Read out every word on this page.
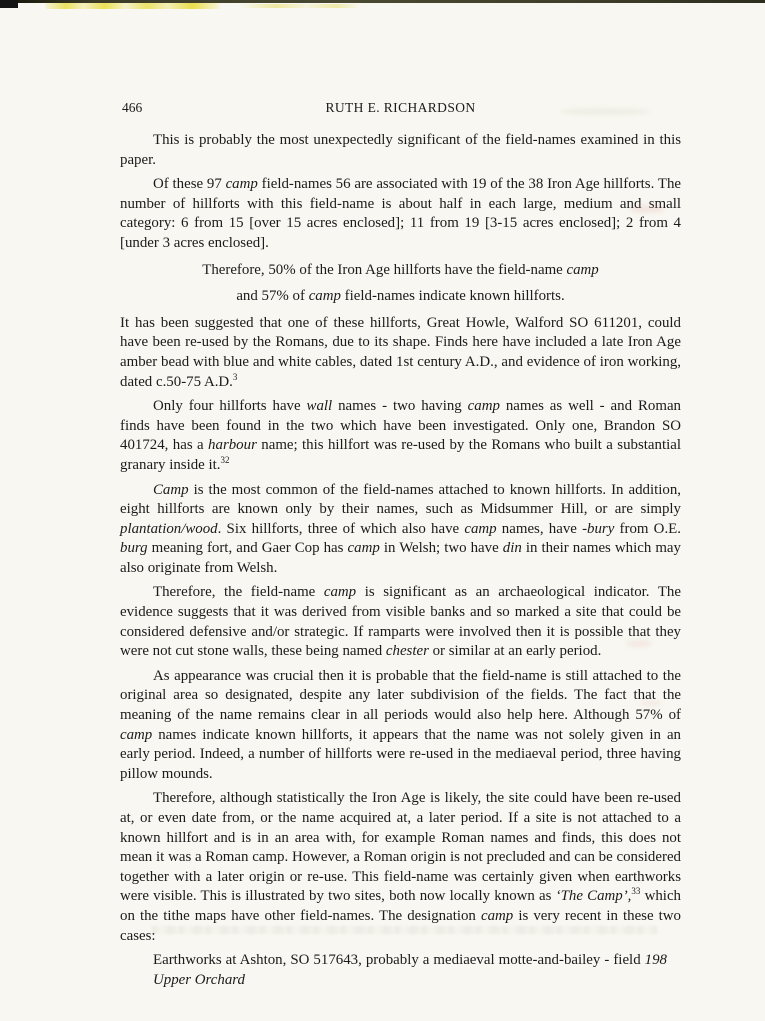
466	RUTH E. RICHARDSON

This is probably the most unexpectedly significant of the field-names examined in this paper.

Of these 97 camp field-names 56 are associated with 19 of the 38 Iron Age hillforts. The number of hillforts with this field-name is about half in each large, medium and small category: 6 from 15 [over 15 acres enclosed]; 11 from 19 [3-15 acres enclosed]; 2 from 4 [under 3 acres enclosed].

Therefore, 50% of the Iron Age hillforts have the field-name camp

and 57% of camp field-names indicate known hillforts.

It has been suggested that one of these hillforts, Great Howle, Walford SO 611201, could have been re-used by the Romans, due to its shape. Finds here have included a late Iron Age amber bead with blue and white cables, dated 1st century A.D., and evidence of iron working, dated c.50-75 A.D.$^3$

Only four hillforts have wall names - two having camp names as well - and Roman finds have been found in the two which have been investigated. Only one, Brandon SO 401724, has a harbour name; this hillfort was re-used by the Romans who built a substantial granary inside it.$^{32}$

Camp is the most common of the field-names attached to known hillforts. In addition, eight hillforts are known only by their names, such as Midsummer Hill, or are simply plantation/wood. Six hillforts, three of which also have camp names, have -bury from O.E. burg meaning fort, and Gaer Cop has camp in Welsh; two have din in their names which may also originate from Welsh.

Therefore, the field-name camp is significant as an archaeological indicator. The evidence suggests that it was derived from visible banks and so marked a site that could be considered defensive and/or strategic. If ramparts were involved then it is possible that they were not cut stone walls, these being named chester or similar at an early period.

As appearance was crucial then it is probable that the field-name is still attached to the original area so designated, despite any later subdivision of the fields. The fact that the meaning of the name remains clear in all periods would also help here. Although 57% of camp names indicate known hillforts, it appears that the name was not solely given in an early period. Indeed, a number of hillforts were re-used in the mediaeval period, three having pillow mounds.

Therefore, although statistically the Iron Age is likely, the site could have been re-used at, or even date from, or the name acquired at, a later period. If a site is not attached to a known hillfort and is in an area with, for example Roman names and finds, this does not mean it was a Roman camp. However, a Roman origin is not precluded and can be considered together with a later origin or re-use. This field-name was certainly given when earthworks were visible. This is illustrated by two sites, both now locally known as ‘The Camp’,$^{33}$ which on the tithe maps have other field-names. The designation camp is very recent in these two cases:

Earthworks at Ashton, SO 517643, probably a mediaeval motte-and-bailey - field 198 Upper Orchard
